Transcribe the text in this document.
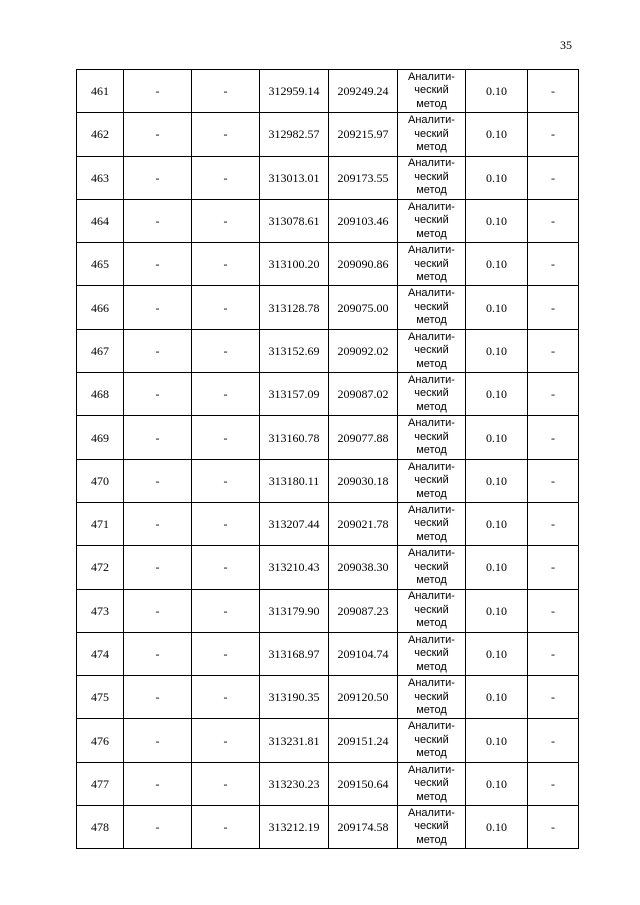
35
461	-	-	312959.14	209249.24	Аналити-
ческий
метод	0.10	-
462	-	-	312982.57	209215.97	Аналити-
ческий
метод	0.10	-
463	-	-	313013.01	209173.55	Аналити-
ческий
метод	0.10	-
464	-	-	313078.61	209103.46	Аналити-
ческий
метод	0.10	-
465	-	-	313100.20	209090.86	Аналити-
ческий
метод	0.10	-
466	-	-	313128.78	209075.00	Аналити-
ческий
метод	0.10	-
467	-	-	313152.69	209092.02	Аналити-
ческий
метод	0.10	-
468	-	-	313157.09	209087.02	Аналити-
ческий
метод	0.10	-
469	-	-	313160.78	209077.88	Аналити-
ческий
метод	0.10	-
470	-	-	313180.11	209030.18	Аналити-
ческий
метод	0.10	-
471	-	-	313207.44	209021.78	Аналити-
ческий
метод	0.10	-
472	-	-	313210.43	209038.30	Аналити-
ческий
метод	0.10	-
473	-	-	313179.90	209087.23	Аналити-
ческий
метод	0.10	-
474	-	-	313168.97	209104.74	Аналити-
ческий
метод	0.10	-
475	-	-	313190.35	209120.50	Аналити-
ческий
метод	0.10	-
476	-	-	313231.81	209151.24	Аналити-
ческий
метод	0.10	-
477	-	-	313230.23	209150.64	Аналити-
ческий
метод	0.10	-
478	-	-	313212.19	209174.58	Аналити-
ческий
метод	0.10	-
